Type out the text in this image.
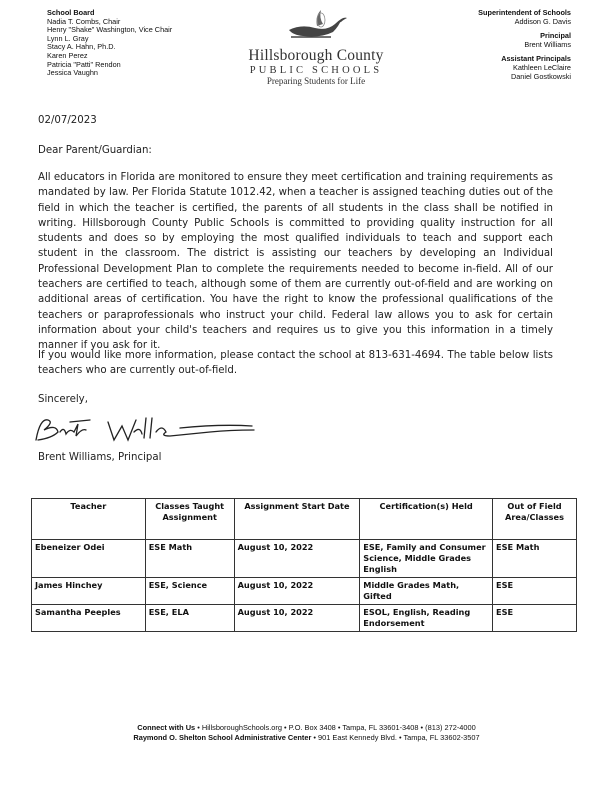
School Board
Nadia T. Combs, Chair
Henry "Shake" Washington, Vice Chair
Lynn L. Gray
Stacy A. Hahn, Ph.D.
Karen Perez
Patricia "Patti" Rendon
Jessica Vaughn
Hillsborough County
PUBLIC SCHOOLS
Preparing Students for Life
Superintendent of Schools
Addison G. Davis
Principal
Brent Williams
Assistant Principals
Kathleen LeClaire
Daniel Gostkowski
02/07/2023
Dear Parent/Guardian:
All educators in Florida are monitored to ensure they meet certification and training requirements as mandated by law. Per Florida Statute 1012.42, when a teacher is assigned teaching duties out of the field in which the teacher is certified, the parents of all students in the class shall be notified in writing. Hillsborough County Public Schools is committed to providing quality instruction for all students and does so by employing the most qualified individuals to teach and support each student in the classroom. The district is assisting our teachers by developing an Individual Professional Development Plan to complete the requirements needed to become in-field. All of our teachers are certified to teach, although some of them are currently out-of-field and are working on additional areas of certification. You have the right to know the professional qualifications of the teachers or paraprofessionals who instruct your child. Federal law allows you to ask for certain information about your child's teachers and requires us to give you this information in a timely manner if you ask for it.
If you would like more information, please contact the school at 813-631-4694. The table below lists teachers who are currently out-of-field.
Sincerely,
Brent Williams, Principal
Teacher	Classes Taught Assignment	Assignment Start Date	Certification(s) Held	Out of Field Area/Classes
Ebeneizer Odei	ESE Math	August 10, 2022	ESE, Family and Consumer Science, Middle Grades English	ESE Math
James Hinchey	ESE, Science	August 10, 2022	Middle Grades Math, Gifted	ESE
Samantha Peeples	ESE, ELA	August 10, 2022	ESOL, English, Reading Endorsement	ESE
Connect with Us • HillsboroughSchools.org • P.O. Box 3408 • Tampa, FL 33601-3408 • (813) 272-4000
Raymond O. Shelton School Administrative Center • 901 East Kennedy Blvd. • Tampa, FL 33602-3507
